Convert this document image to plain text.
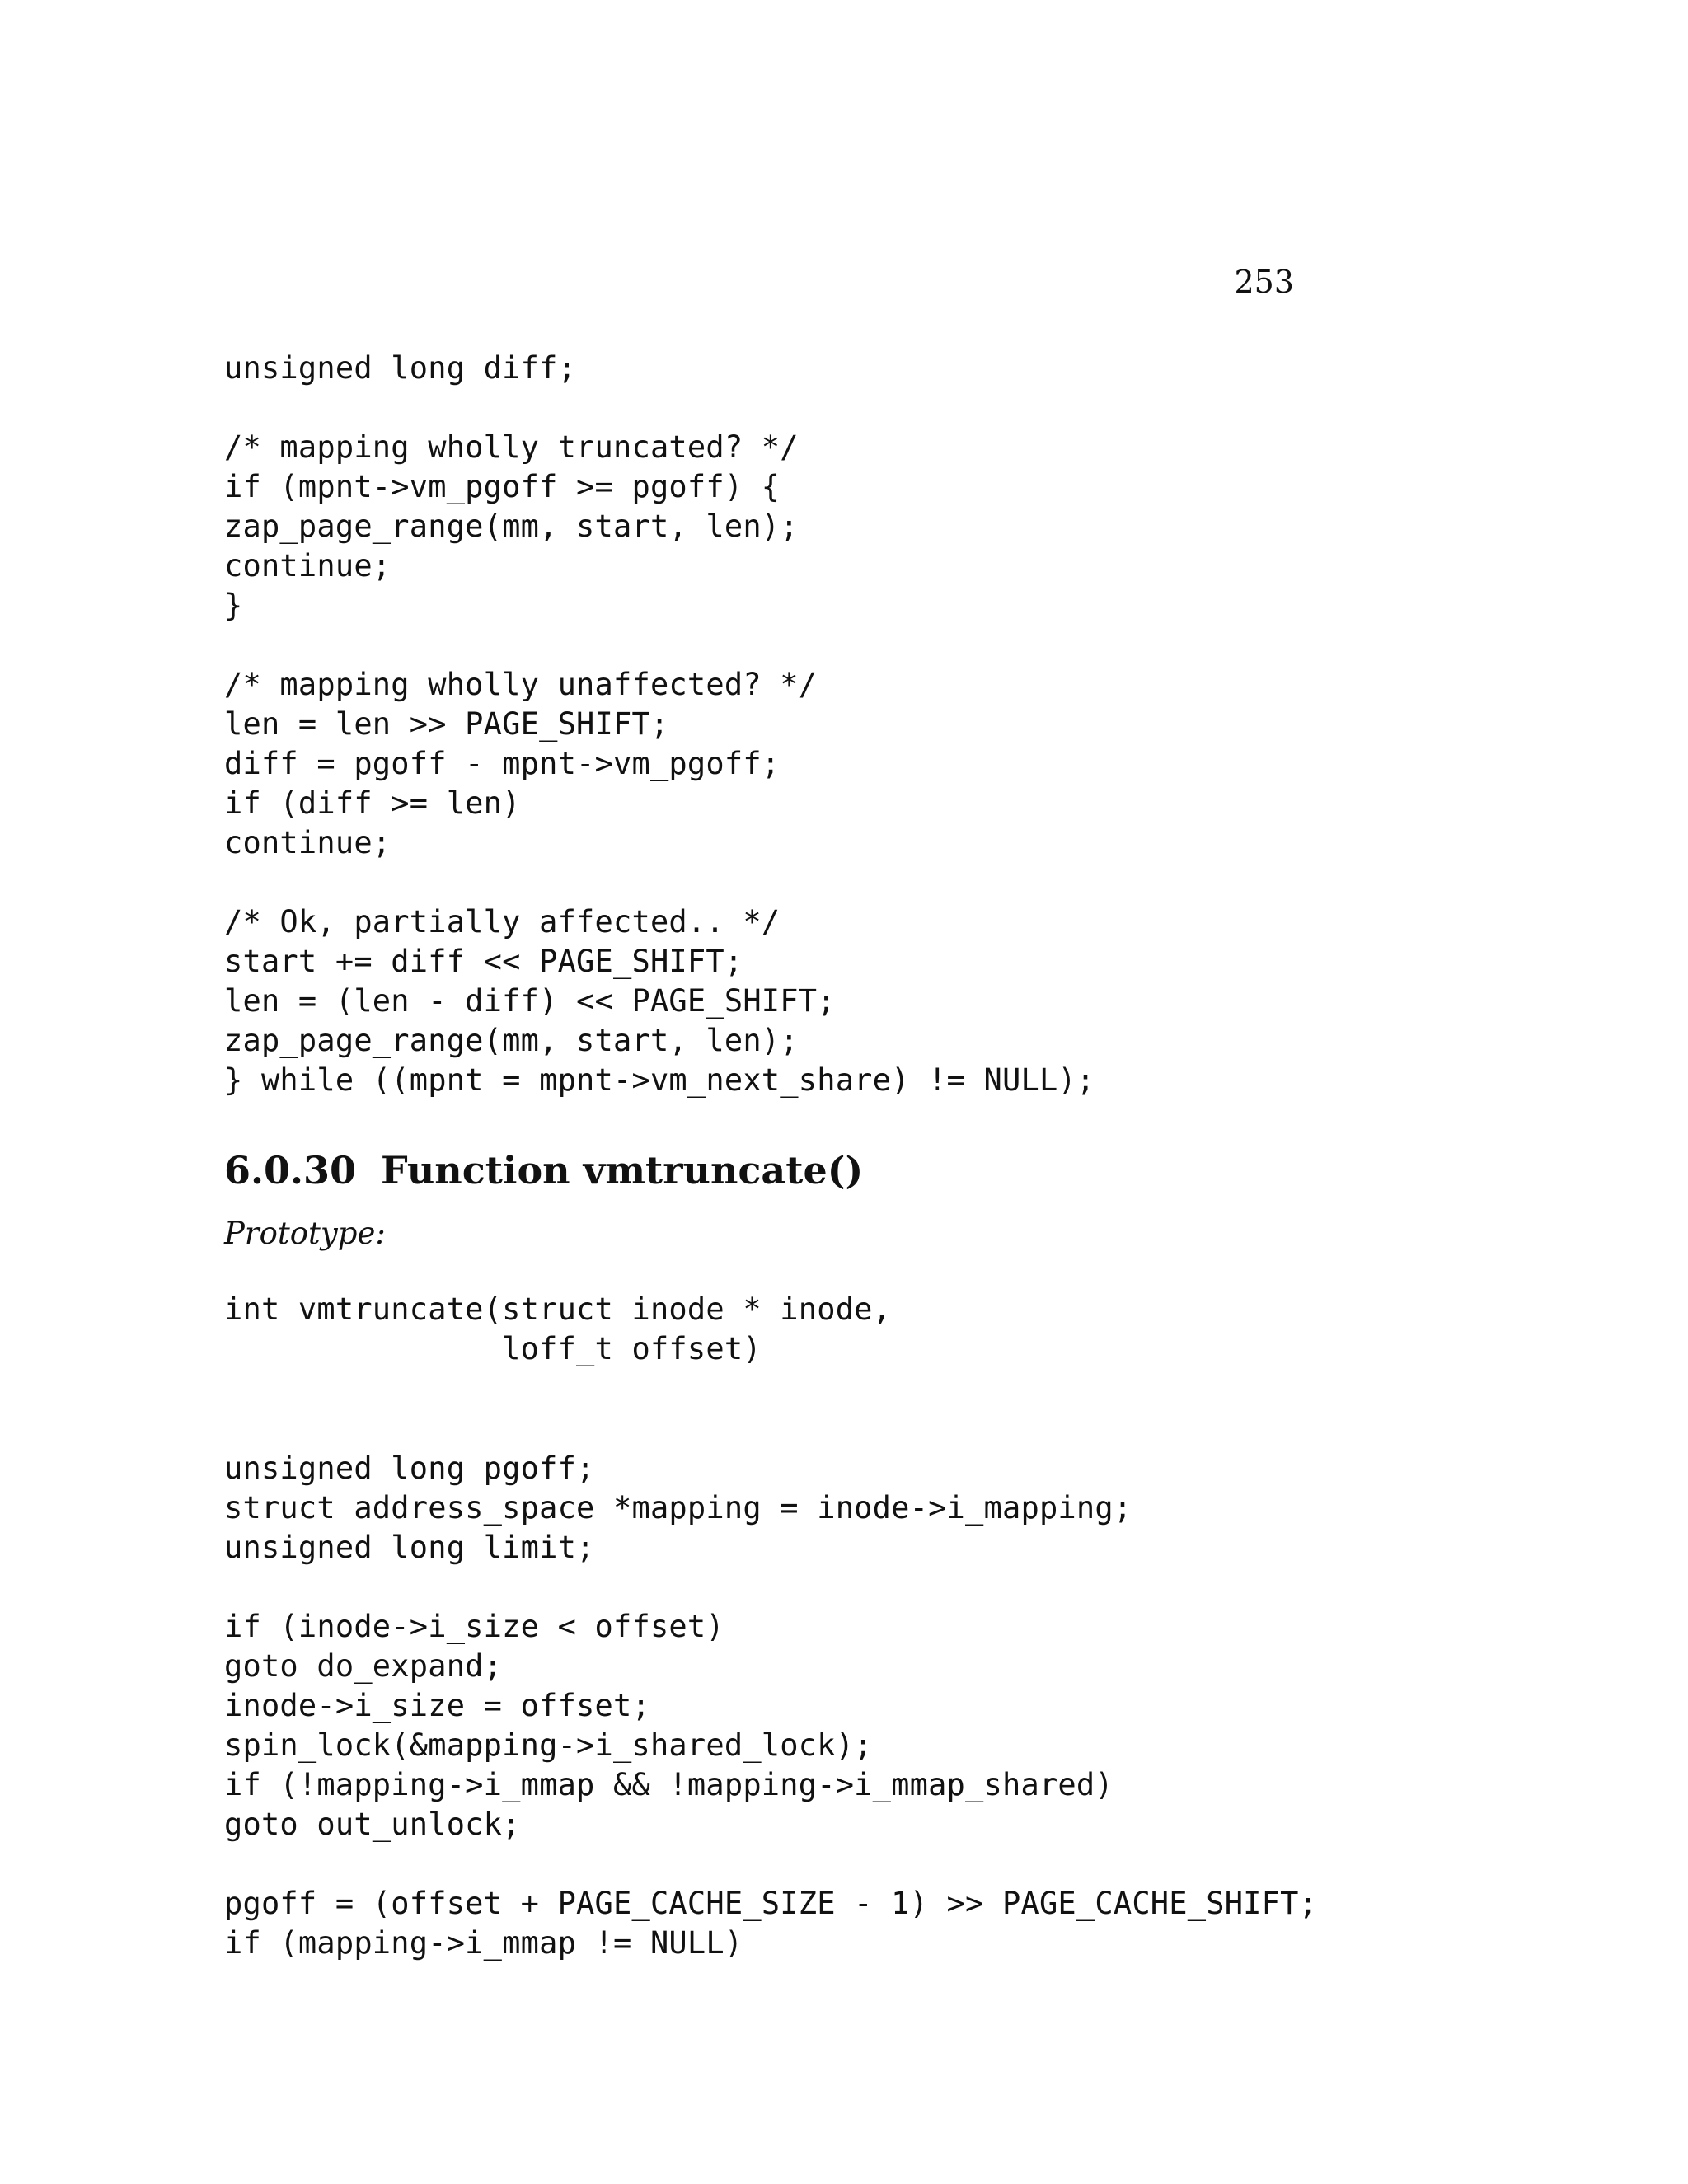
253
unsigned long diff;
/* mapping wholly truncated? */
if (mpnt->vm_pgoff >= pgoff) {
zap_page_range(mm, start, len);
continue;
}
/* mapping wholly unaffected? */
len = len >> PAGE_SHIFT;
diff = pgoff - mpnt->vm_pgoff;
if (diff >= len)
continue;
/* Ok, partially affected.. */
start += diff << PAGE_SHIFT;
len = (len - diff) << PAGE_SHIFT;
zap_page_range(mm, start, len);
} while ((mpnt = mpnt->vm_next_share) != NULL);
6.0.30 Function vmtruncate()

Prototype:

int vmtruncate(struct inode * inode,
loff_t offset)
unsigned long pgoff;
struct address_space *mapping = inode->i_mapping;
unsigned long limit;
if (inode->i_size < offset)
goto do_expand;
inode->i_size = offset;
spin_lock(&mapping->i_shared_lock);
if (!mapping->i_mmap && !mapping->i_mmap_shared)
goto out_unlock;
pgoff = (offset + PAGE_CACHE_SIZE - 1) >> PAGE_CACHE_SHIFT;
if (mapping->i_mmap != NULL)
